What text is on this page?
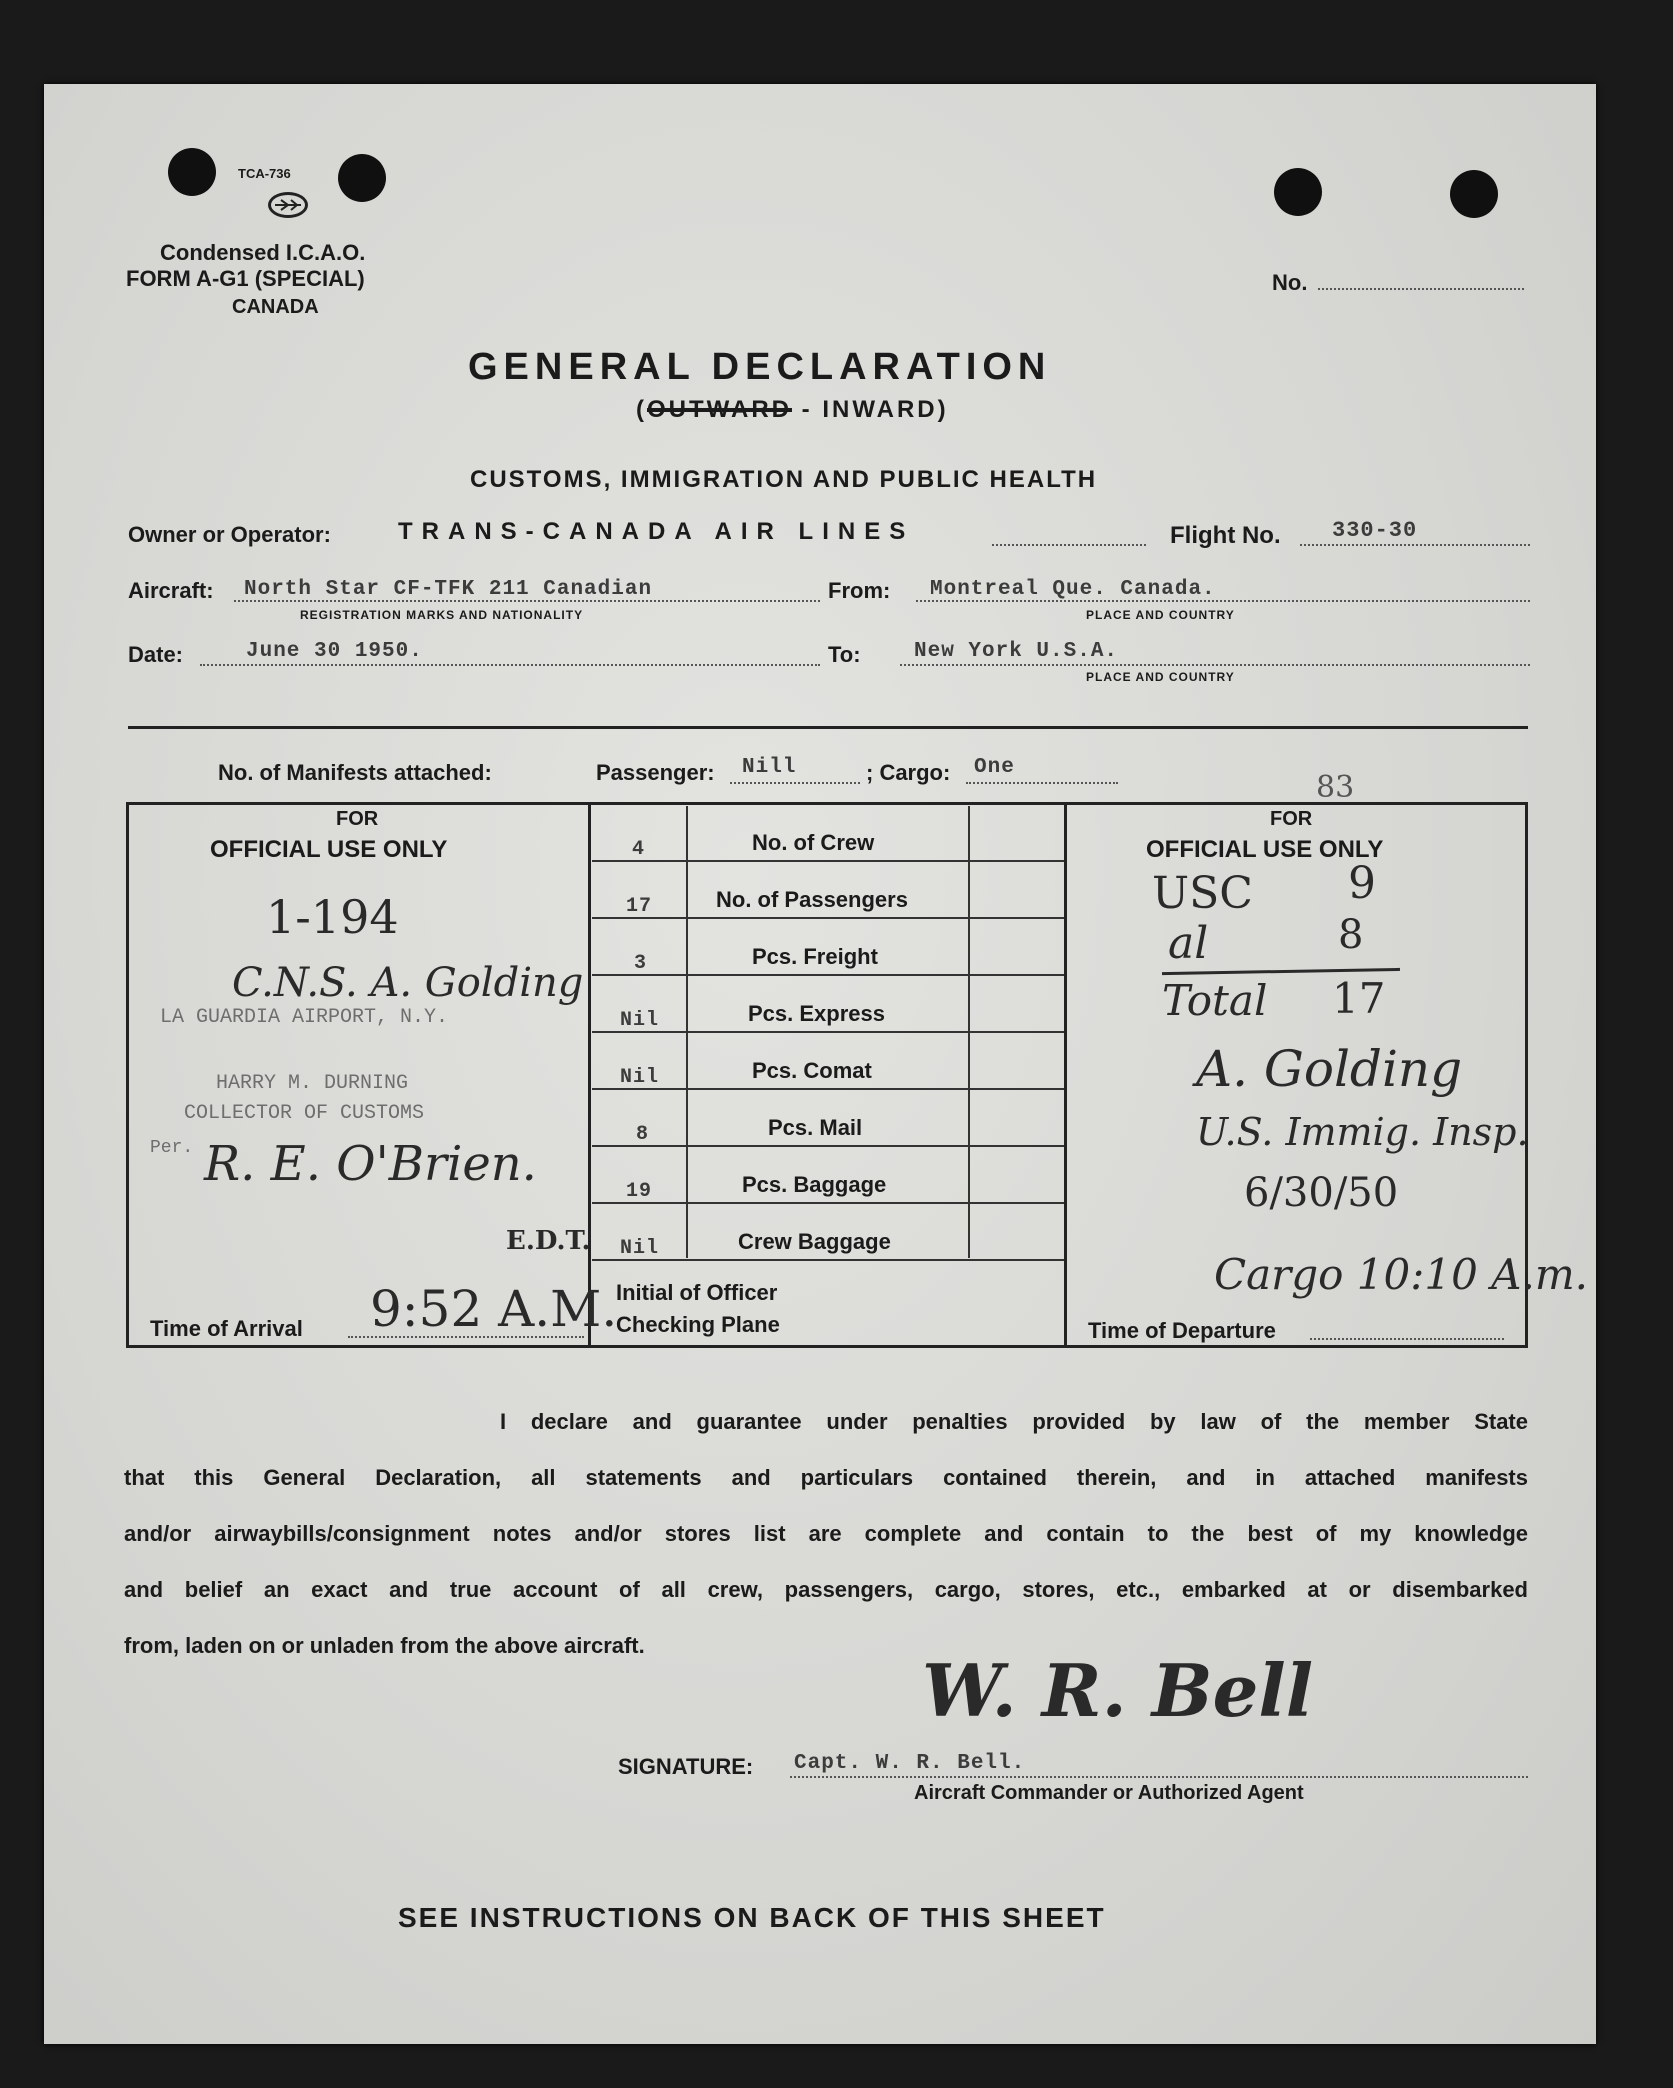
TCA-736
Condensed I.C.A.O.
FORM A-G1 (SPECIAL)
CANADA
No.
GENERAL DECLARATION
(OUTWARD - INWARD)
CUSTOMS, IMMIGRATION AND PUBLIC HEALTH
Owner or Operator:	TRANS-CANADA AIR LINES	Flight No. 330-30
Aircraft: North Star CF-TFK 211 Canadian
REGISTRATION MARKS AND NATIONALITY
From: Montreal Que. Canada.
PLACE AND COUNTRY
Date:	June 30 1950.	To:	New York U.S.A.
PLACE AND COUNTRY
No. of Manifests attached:	Passenger: Nill	; Cargo: One
83
FOR
OFFICIAL USE ONLY
1-194
C.N.S. A. Golding
LA GUARDIA AIRPORT, N.Y.
HARRY M. DURNING
COLLECTOR OF CUSTOMS
Per. R. E. O'Brien.
E.D.T.
Time of Arrival 9:52 A.M.
4	No. of Crew
17	No. of Passengers
3	Pcs. Freight
Nil	Pcs. Express
Nil	Pcs. Comat
8	Pcs. Mail
19	Pcs. Baggage
Nil	Crew Baggage
Initial of Officer
Checking Plane
FOR
OFFICIAL USE ONLY
USC 9
al	8
Total 17
A. Golding
U.S. Immig. Insp.
6/30/50
Cargo 10:10 A.m.
Time of Departure
I declare and guarantee under penalties provided by law of the member State
that this General Declaration, all statements and particulars contained therein, and in attached manifests
and/or airwaybills/consignment notes and/or stores list are complete and contain to the best of my knowledge
and belief an exact and true account of all crew, passengers, cargo, stores, etc., embarked at or disembarked
from, laden on or unladen from the above aircraft.
W. R. Bell
SIGNATURE: Capt. W. R. Bell.
Aircraft Commander or Authorized Agent
SEE INSTRUCTIONS ON BACK OF THIS SHEET
